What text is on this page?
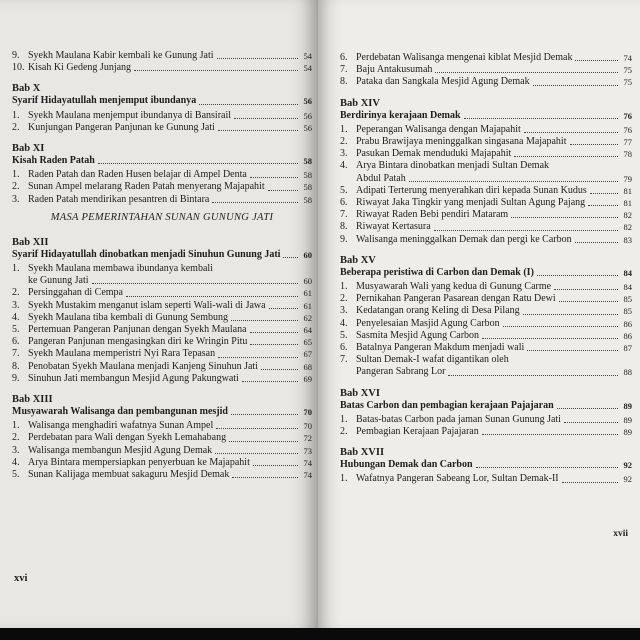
9. Syekh Maulana Kabir kembali ke Gunung Jati	54
10. Kisah Ki Gedeng Junjang	54

Bab X

Syarif Hidayatullah menjemput ibundanya	56
1. Syekh Maulana menjemput ibundanya di Bansirail	56
2. Kunjungan Pangeran Panjunan ke Gunung Jati	56

Bab XI

Kisah Raden Patah	58
1. Raden Patah dan Raden Husen belajar di Ampel Denta	58
2. Sunan Ampel melarang Raden Patah menyerang Majapahit	58
3. Raden Patah mendirikan pesantren di Bintara	58
MASA PEMERINTAHAN SUNAN GUNUNG JATI

Bab XII

Syarif Hidayatullah dinobatkan menjadi Sinuhun Gunung Jati	60
1. Syekh Maulana membawa ibundanya kembali
ke Gunung Jati	60
2. Persinggahan di Cempa	61
3. Syekh Mustakim menganut islam seperti Wali-wali di Jawa	61
4. Syekh Maulana tiba kembali di Gunung Sembung	62
5. Pertemuan Pangeran Panjunan dengan Syekh Maulana	64
6. Pangeran Panjunan mengasingkan diri ke Wringin Pitu	65
7. Syekh Maulana memperistri Nyi Rara Tepasan	67
8. Penobatan Syekh Maulana menjadi Kanjeng Sinuhun Jati	68
9. Sinuhun Jati membangun Mesjid Agung Pakungwati	69

Bab XIII

Musyawarah Walisanga dan pembangunan mesjid	70
1. Walisanga menghadiri wafatnya Sunan Ampel	70
2. Perdebatan para Wali dengan Syekh Lemahabang	72
3. Walisanga membangun Mesjid Agung Demak	73
4. Arya Bintara mempersiapkan penyerbuan ke Majapahit	74
5. Sunan Kalijaga membuat sakaguru Mesjid Demak	74
xvi
6. Perdebatan Walisanga mengenai kiblat Mesjid Demak	74
7. Baju Antakusumah	75
8. Pataka dan Sangkala Mesjid Agung Demak	75

Bab XIV

Berdirinya kerajaan Demak	76
1. Peperangan Walisanga dengan Majapahit	76
2. Prabu Brawijaya meninggalkan singasana Majapahit	77
3. Pasukan Demak menduduki Majapahit	78
4. Arya Bintara dinobatkan menjadi Sultan Demak
Abdul Patah	79
5. Adipati Terterung menyerahkan diri kepada Sunan Kudus	81
6. Riwayat Jaka Tingkir yang menjadi Sultan Agung Pajang	81
7. Riwayat Raden Bebi pendiri Mataram	82
8. Riwayat Kertasura	82
9. Walisanga meninggalkan Demak dan pergi ke Carbon	83

Bab XV

Beberapa peristiwa di Carbon dan Demak (I)	84
1. Musyawarah Wali yang kedua di Gunung Carme	84
2. Pernikahan Pangeran Pasarean dengan Ratu Dewi	85
3. Kedatangan orang Keling di Desa Pilang	85
4. Penyelesaian Masjid Agung Carbon	86
5. Sasmita Mesjid Agung Carbon	86
6. Batalnya Pangeran Makdum menjadi wali	87
7. Sultan Demak-I wafat digantikan oleh
Pangeran Sabrang Lor	88

Bab XVI

Batas Carbon dan pembagian kerajaan Pajajaran	89
1. Batas-batas Carbon pada jaman Sunan Gunung Jati	89
2. Pembagian Kerajaan Pajajaran	89

Bab XVII

Hubungan Demak dan Carbon	92
1. Wafatnya Pangeran Sabeang Lor, Sultan Demak-II	92
xvii
